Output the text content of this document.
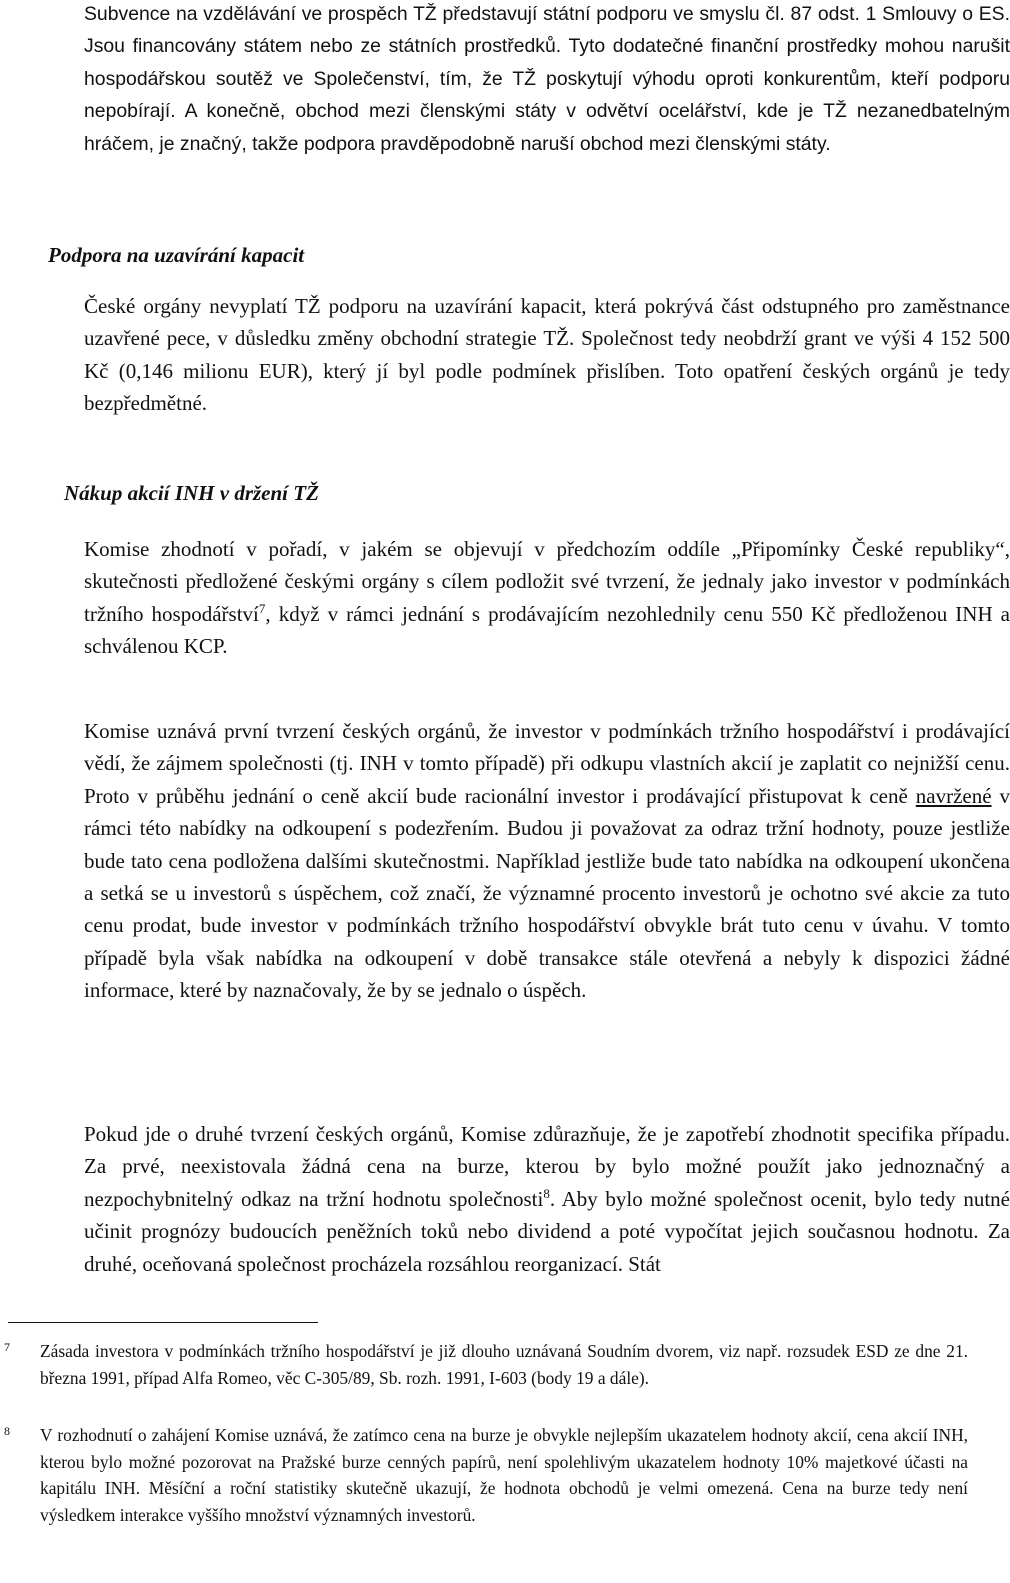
Subvence na vzdělávání ve prospěch TŽ představují státní podporu ve smyslu čl. 87 odst. 1 Smlouvy o ES. Jsou financovány státem nebo ze státních prostředků. Tyto dodatečné finanční prostředky mohou narušit hospodářskou soutěž ve Společenství, tím, že TŽ poskytují výhodu oproti konkurentům, kteří podporu nepobírají. A konečně, obchod mezi členskými státy v odvětví ocelářství, kde je TŽ nezanedbatelným hráčem, je značný, takže podpora pravděpodobně naruší obchod mezi členskými státy.

Podpora na uzavírání kapacit

České orgány nevyplatí TŽ podporu na uzavírání kapacit, která pokrývá část odstupného pro zaměstnance uzavřené pece, v důsledku změny obchodní strategie TŽ. Společnost tedy neobdrží grant ve výši 4 152 500 Kč (0,146 milionu EUR), který jí byl podle podmínek přislíben. Toto opatření českých orgánů je tedy bezpředmětné.

Nákup akcií INH v držení TŽ

Komise zhodnotí v pořadí, v jakém se objevují v předchozím oddíle „Připomínky České republiky“, skutečnosti předložené českými orgány s cílem podložit své tvrzení, že jednaly jako investor v podmínkách tržního hospodářství$^7$, když v rámci jednání s prodávajícím nezohlednily cenu 550 Kč předloženou INH a schválenou KCP.

Komise uznává první tvrzení českých orgánů, že investor v podmínkách tržního hospodářství i prodávající vědí, že zájmem společnosti (tj. INH v tomto případě) při odkupu vlastních akcií je zaplatit co nejnižší cenu. Proto v průběhu jednání o ceně akcií bude racionální investor i prodávající přistupovat k ceně navržené v rámci této nabídky na odkoupení s podezřením. Budou ji považovat za odraz tržní hodnoty, pouze jestliže bude tato cena podložena dalšími skutečnostmi. Například jestliže bude tato nabídka na odkoupení ukončena a setká se u investorů s úspěchem, což značí, že významné procento investorů je ochotno své akcie za tuto cenu prodat, bude investor v podmínkách tržního hospodářství obvykle brát tuto cenu v úvahu. V tomto případě byla však nabídka na odkoupení v době transakce stále otevřená a nebyly k dispozici žádné informace, které by naznačovaly, že by se jednalo o úspěch.

Pokud jde o druhé tvrzení českých orgánů, Komise zdůrazňuje, že je zapotřebí zhodnotit specifika případu. Za prvé, neexistovala žádná cena na burze, kterou by bylo možné použít jako jednoznačný a nezpochybnitelný odkaz na tržní hodnotu společnosti$^8$. Aby bylo možné společnost ocenit, bylo tedy nutné učinit prognózy budoucích peněžních toků nebo dividend a poté vypočítat jejich současnou hodnotu. Za druhé, oceňovaná společnost procházela rozsáhlou reorganizací. Stát

7 Zásada investora v podmínkách tržního hospodářství je již dlouho uznávaná Soudním dvorem, viz např. rozsudek ESD ze dne 21. března 1991, případ Alfa Romeo, věc C-305/89, Sb. rozh. 1991, I-603 (body 19 a dále).

8 V rozhodnutí o zahájení Komise uznává, že zatímco cena na burze je obvykle nejlepším ukazatelem hodnoty akcií, cena akcií INH, kterou bylo možné pozorovat na Pražské burze cenných papírů, není spolehlivým ukazatelem hodnoty 10% majetkové účasti na kapitálu INH. Měsíční a roční statistiky skutečně ukazují, že hodnota obchodů je velmi omezená. Cena na burze tedy není výsledkem interakce vyššího množství významných investorů.
